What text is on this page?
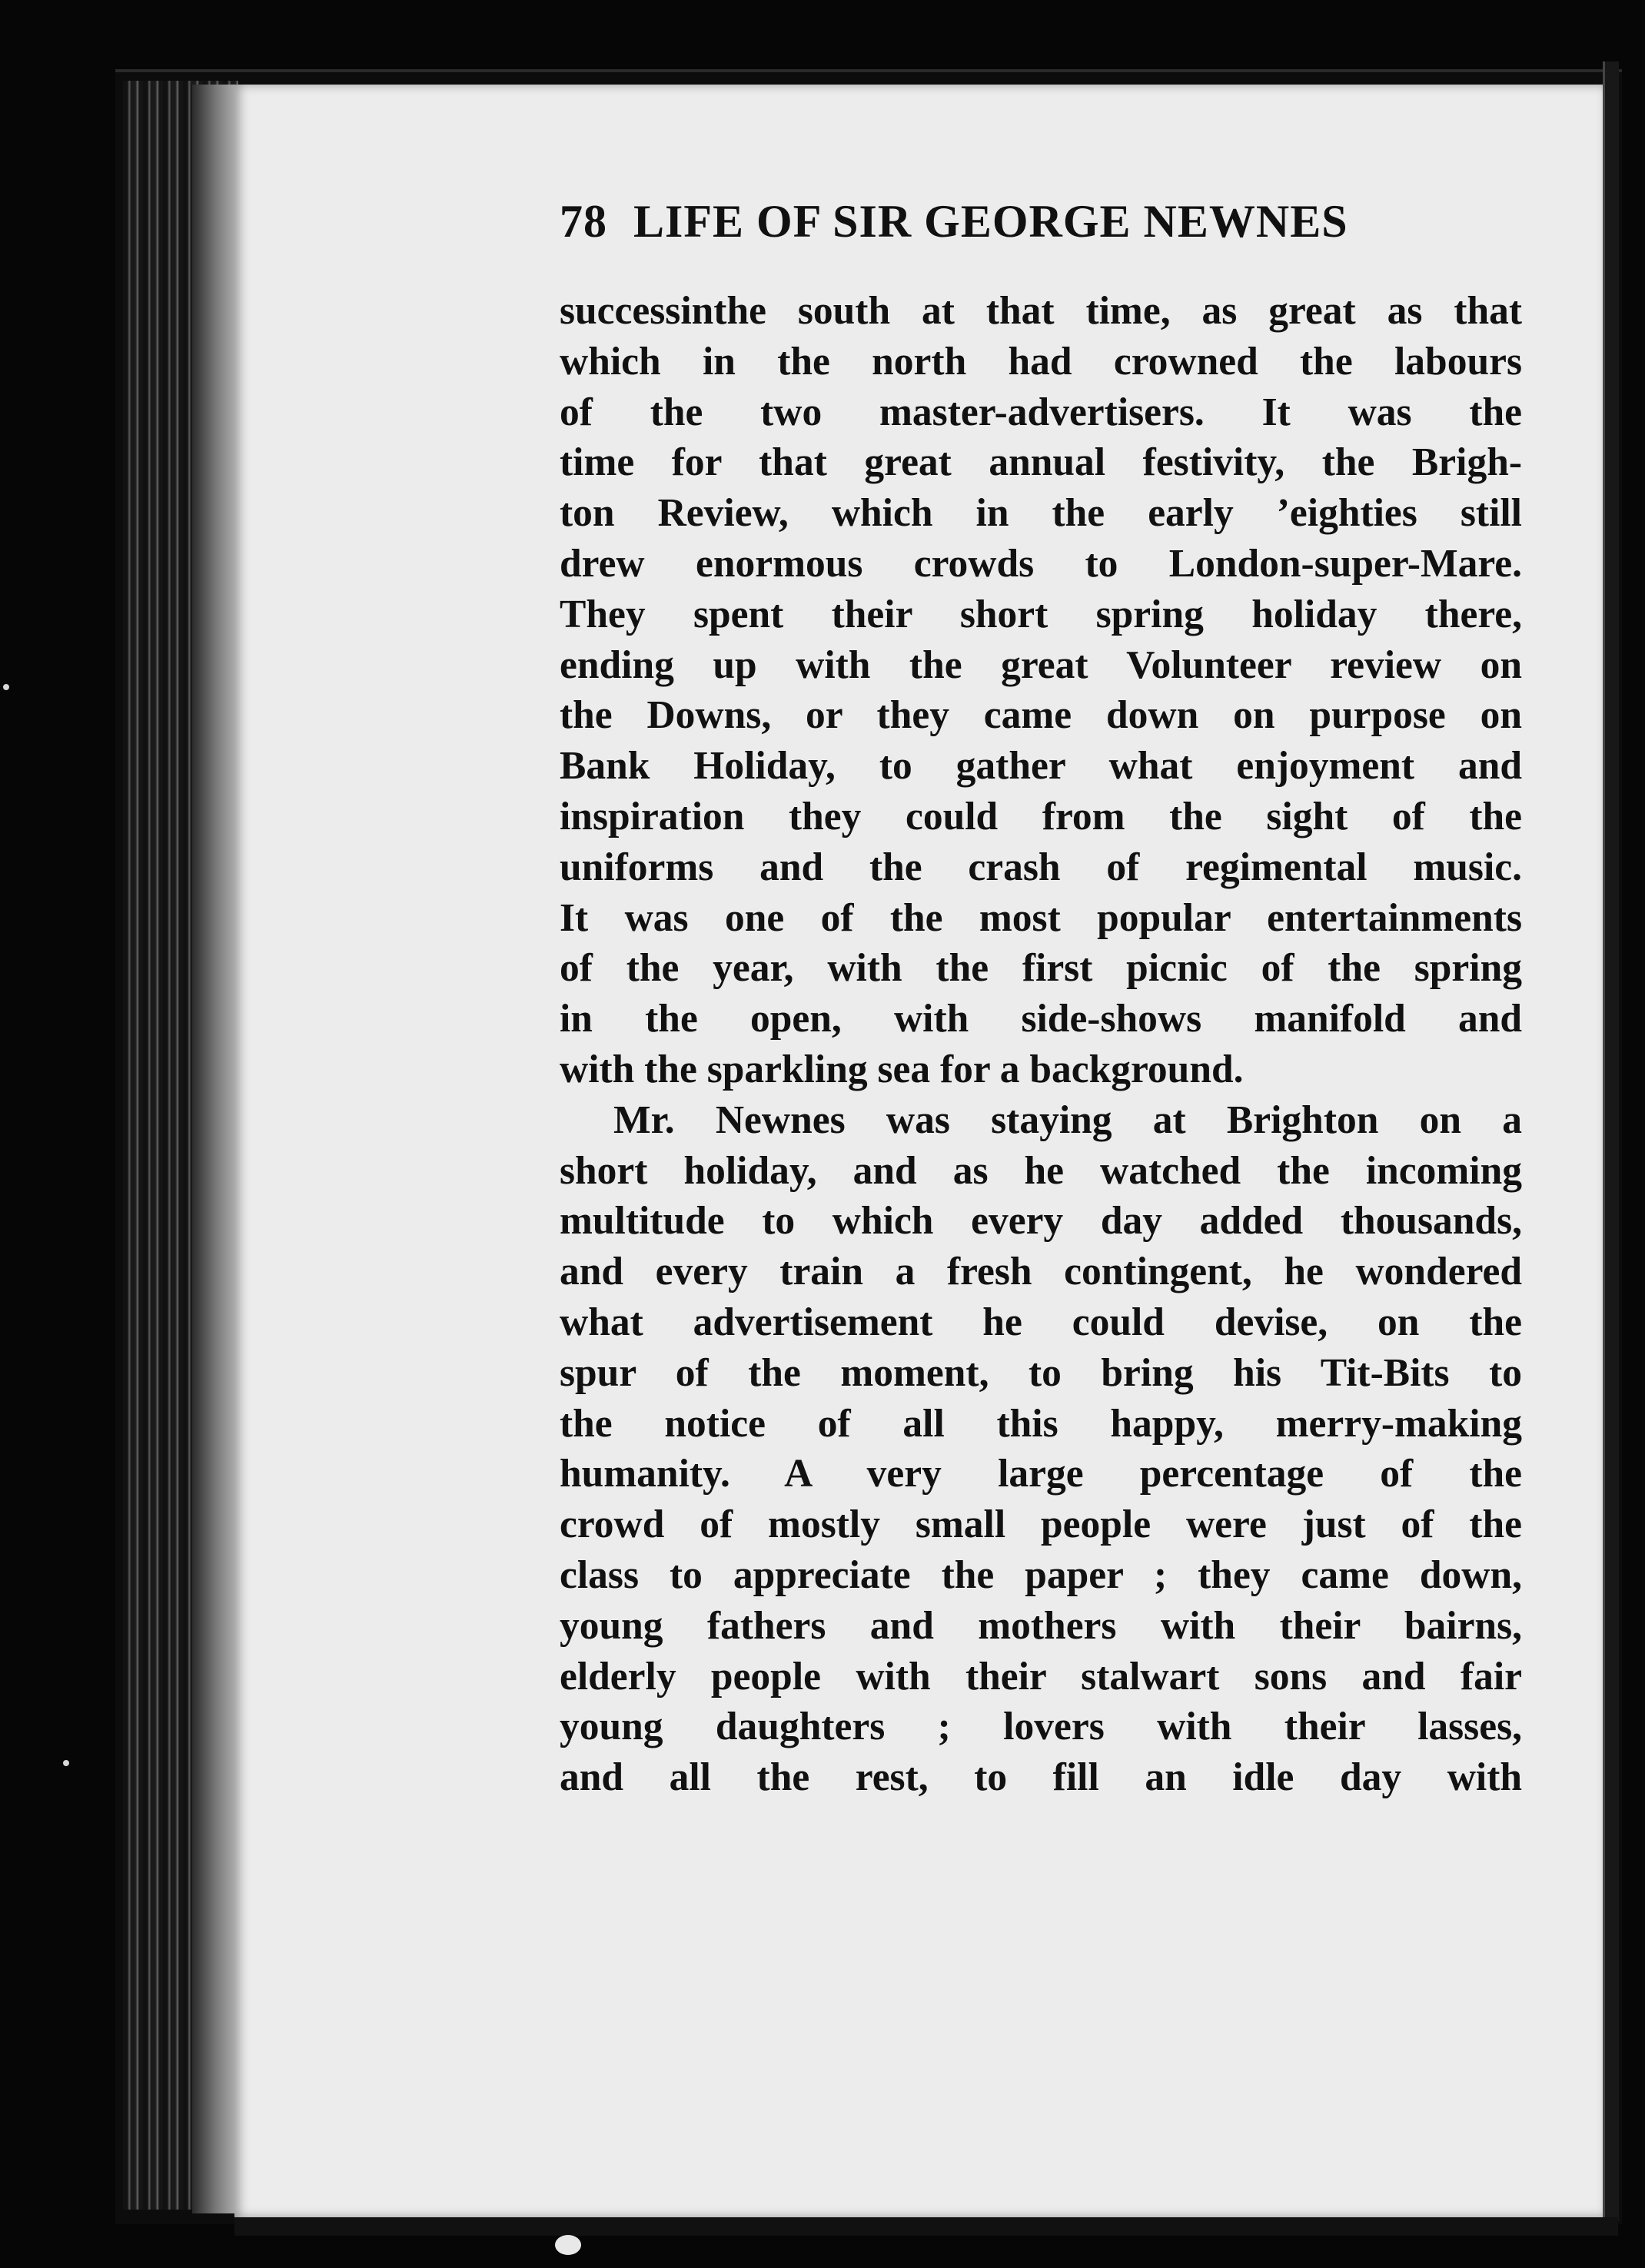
78 LIFE OF SIR GEORGE NEWNES
successinthe south at that time, as great as that
which in the north had crowned the labours
of the two master-advertisers. It was the
time for that great annual festivity, the Brigh-
ton Review, which in the early ’eighties still
drew enormous crowds to London-super-Mare.
They spent their short spring holiday there,
ending up with the great Volunteer review on
the Downs, or they came down on purpose on
Bank Holiday, to gather what enjoyment and
inspiration they could from the sight of the
uniforms and the crash of regimental music.
It was one of the most popular entertainments
of the year, with the first picnic of the spring
in the open, with side-shows manifold and
with the sparkling sea for a background.
Mr. Newnes was staying at Brighton on a
short holiday, and as he watched the incoming
multitude to which every day added thousands,
and every train a fresh contingent, he wondered
what advertisement he could devise, on the
spur of the moment, to bring his Tit-Bits to
the notice of all this happy, merry-making
humanity. A very large percentage of the
crowd of mostly small people were just of the
class to appreciate the paper ; they came down,
young fathers and mothers with their bairns,
elderly people with their stalwart sons and fair
young daughters ; lovers with their lasses,
and all the rest, to fill an idle day with
